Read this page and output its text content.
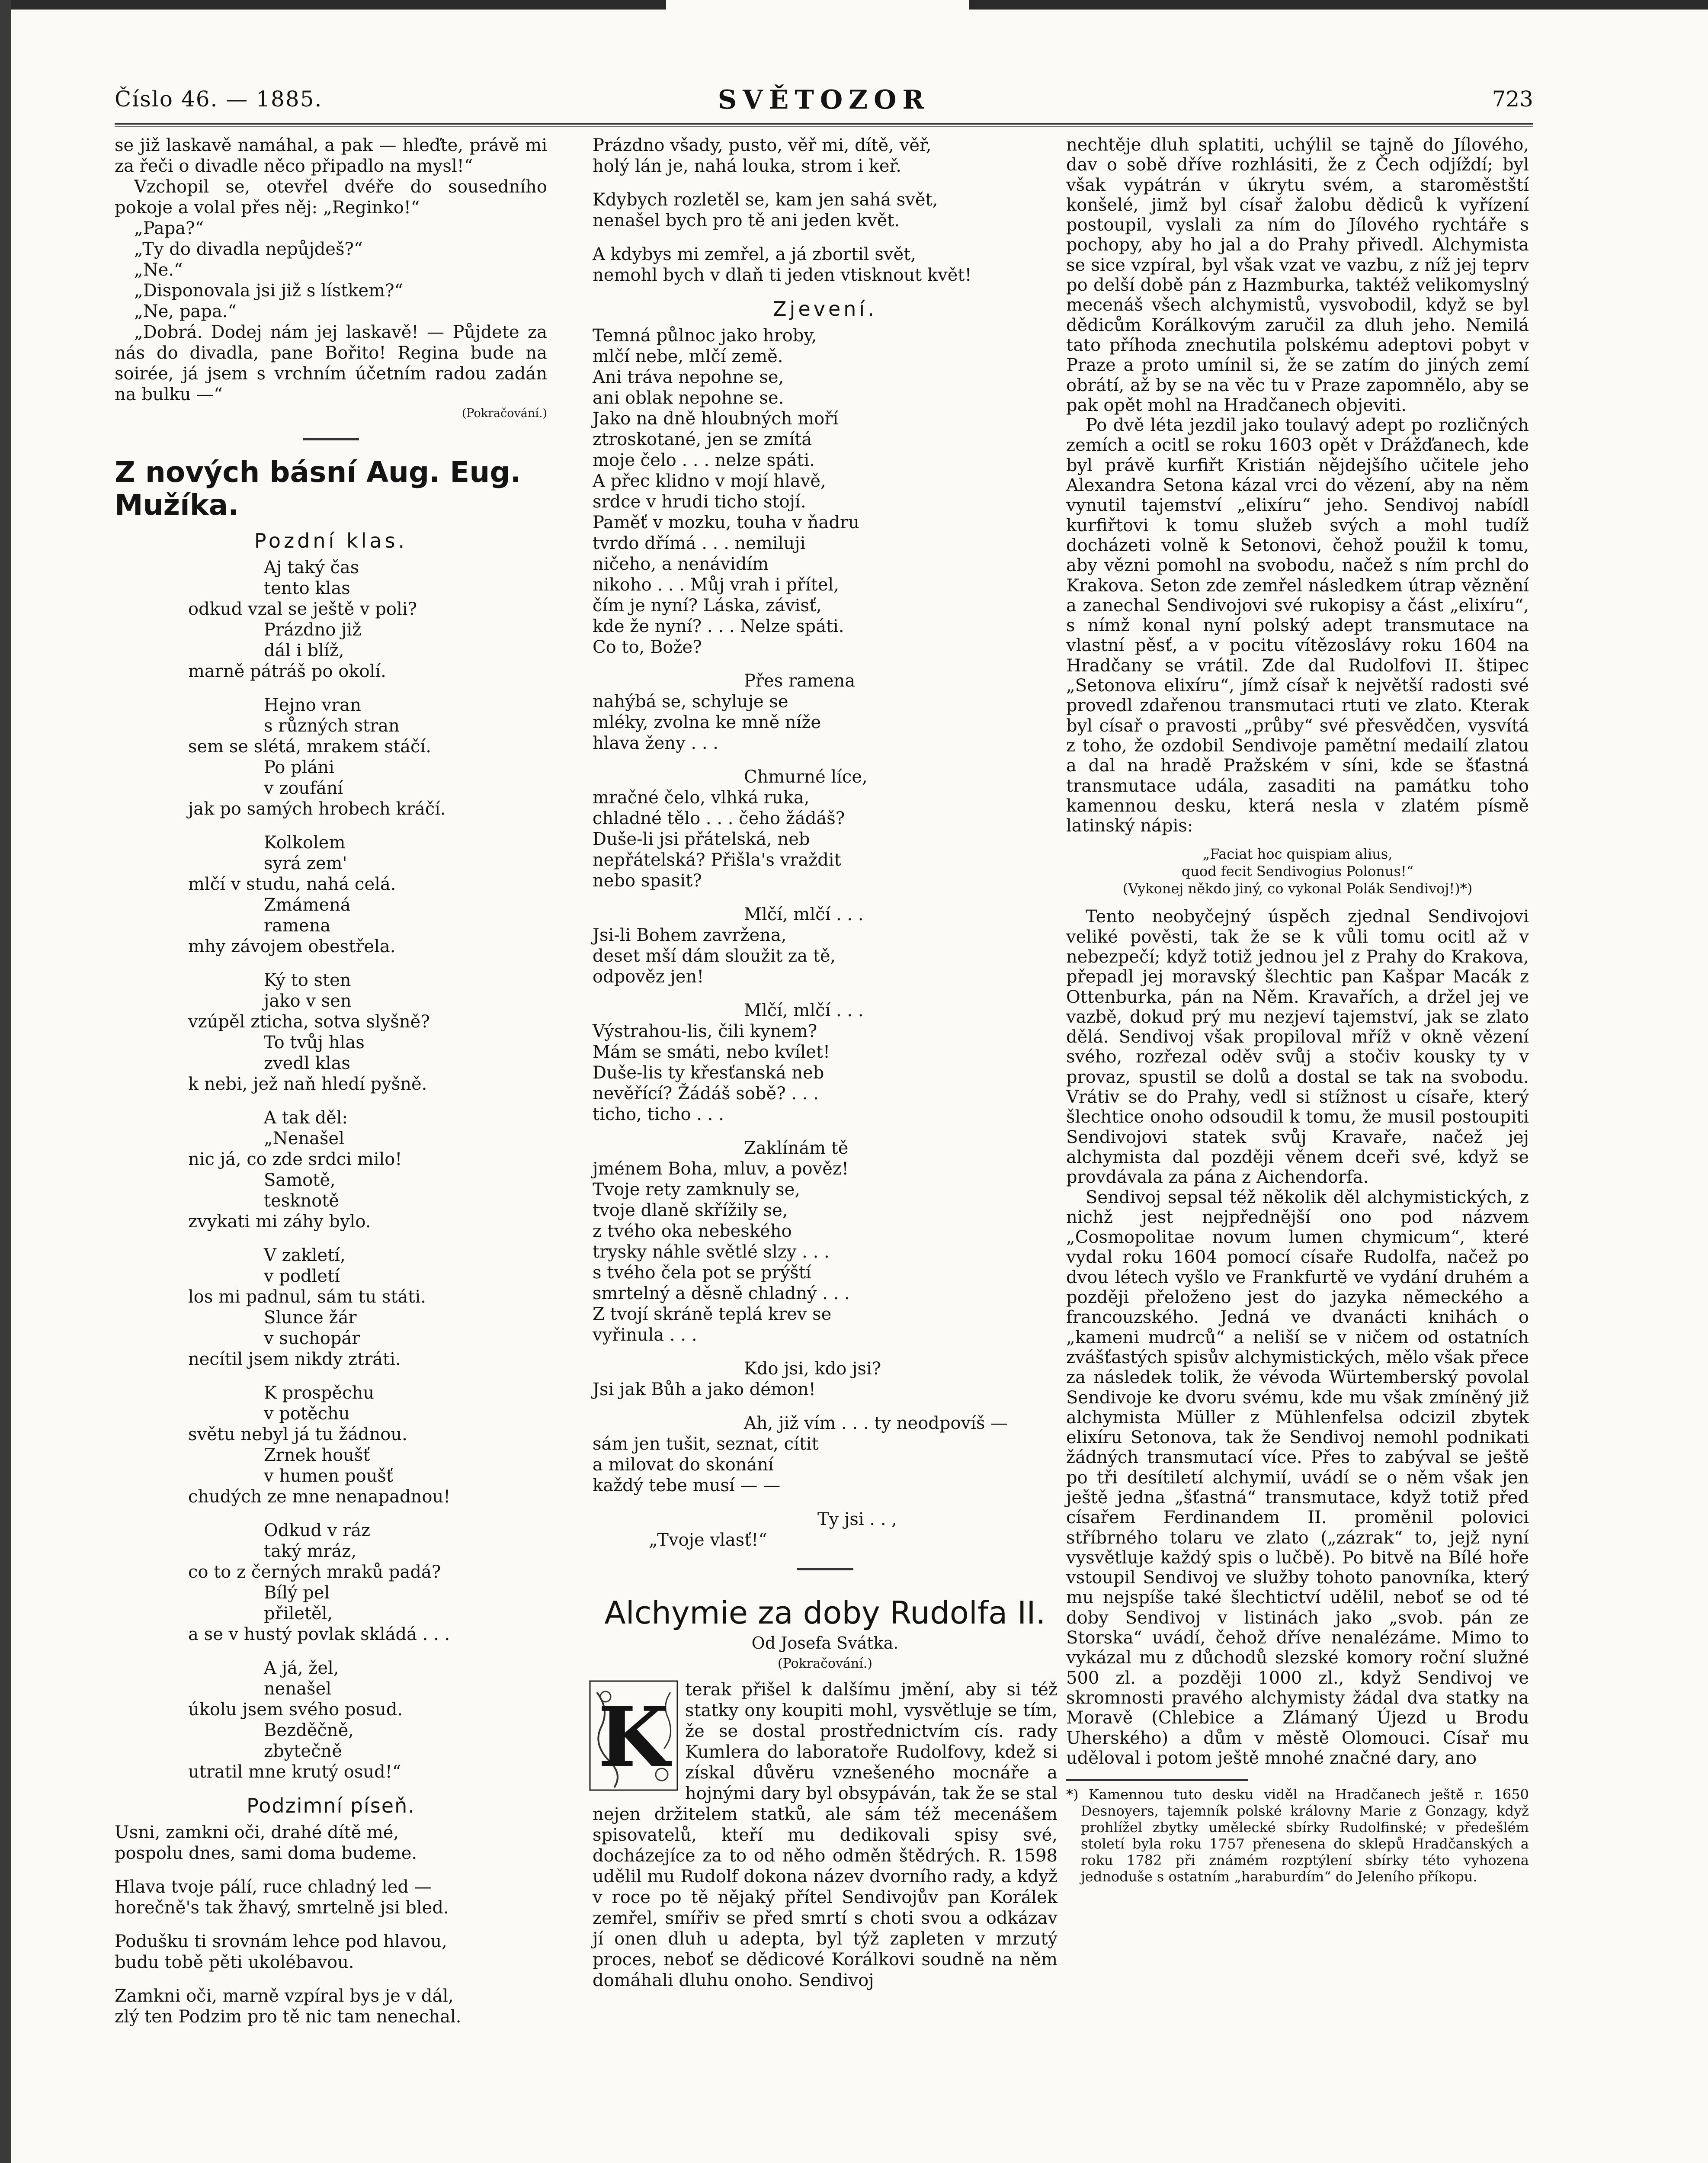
Číslo 46. — 1885.	SVĚTOZOR	723

se již laskavě namáhal, a pak — hleďte, právě mi za řeči o divadle něco připadlo na mysl!“

Vzchopil se, otevřel dvéře do sousedního pokoje a volal přes něj: „Reginko!“

„Papa?“

„Ty do divadla nepůjdeš?“

„Ne.“

„Disponovala jsi již s lístkem?“

„Ne, papa.“

„Dobrá. Dodej nám jej laskavě! — Půjdete za nás do divadla, pane Bořito! Regina bude na soirée, já jsem s vrchním účetním radou zadán na bulku —“

(Pokračování.)

Z nových básní Aug. Eug. Mužíka.
Pozdní klas.
Aj taký čas
tento klas
odkud vzal se ještě v poli?
Prázdno již
dál i blíž,
marně pátráš po okolí.
Hejno vran
s různých stran
sem se slétá, mrakem stáčí.
Po pláni
v zoufání
jak po samých hrobech kráčí.
Kolkolem
syrá zem'
mlčí v studu, nahá celá.
Zmámená
ramena
mhy závojem obestřela.
Ký to sten
jako v sen
vzúpěl zticha, sotva slyšně?
To tvůj hlas
zvedl klas
k nebi, jež naň hledí pyšně.
A tak děl:
„Nenašel
nic já, co zde srdci milo!
Samotě,
tesknotě
zvykati mi záhy bylo.
V zakletí,
v podletí
los mi padnul, sám tu státi.
Slunce žár
v suchopár
necítil jsem nikdy ztráti.
K prospěchu
v potěchu
světu nebyl já tu žádnou.
Zrnek houšť
v humen poušť
chudých ze mne nenapadnou!
Odkud v ráz
taký mráz,
co to z černých mraků padá?
Bílý pel
přiletěl,
a se v hustý povlak skládá . . .
A já, žel,
nenašel
úkolu jsem svého posud.
Bezděčně,
zbytečně
utratil mne krutý osud!“
Podzimní píseň.
Usni, zamkni oči, drahé dítě mé,
pospolu dnes, sami doma budeme.
Hlava tvoje pálí, ruce chladný led —
horečně's tak žhavý, smrtelně jsi bled.
Podušku ti srovnám lehce pod hlavou,
budu tobě pěti ukolébavou.
Zamkni oči, marně vzpíral bys je v dál,
zlý ten Podzim pro tě nic tam nenechal.
Prázdno všady, pusto, věř mi, dítě, věř,
holý lán je, nahá louka, strom i keř.
Kdybych rozletěl se, kam jen sahá svět,
nenašel bych pro tě ani jeden květ.
A kdybys mi zemřel, a já zbortil svět,
nemohl bych v dlaň ti jeden vtisknout květ!
Zjevení.
Temná půlnoc jako hroby,
mlčí nebe, mlčí země.
Ani tráva nepohne se,
ani oblak nepohne se.
Jako na dně hloubných moří
ztroskotané, jen se zmítá
moje čelo . . . nelze spáti.
A přec klidno v mojí hlavě,
srdce v hrudi ticho stojí.
Paměť v mozku, touha v ňadru
tvrdo dřímá . . . nemiluji
ničeho, a nenávidím
nikoho . . . Můj vrah i přítel,
čím je nyní? Láska, závisť,
kde že nyní? . . . Nelze spáti.
Co to, Bože?
Přes ramena
nahýbá se, schyluje se
mléky, zvolna ke mně níže
hlava ženy . . .
Chmurné líce,
mračné čelo, vlhká ruka,
chladné tělo . . . čeho žádáš?
Duše-li jsi přátelská, neb
nepřátelská? Přišla's vraždit
nebo spasit?
Mlčí, mlčí . . .
Jsi-li Bohem zavržena,
deset mší dám sloužit za tě,
odpověz jen!
Mlčí, mlčí . . .
Výstrahou-lis, čili kynem?
Mám se smáti, nebo kvílet!
Duše-lis ty křesťanská neb
nevěřící? Žádáš sobě? . . .
ticho, ticho . . .
Zaklínám tě
jménem Boha, mluv, a pověz!
Tvoje rety zamknuly se,
tvoje dlaně skřížily se,
z tvého oka nebeského
trysky náhle světlé slzy . . .
s tvého čela pot se prýští
smrtelný a děsně chladný . . .
Z tvojí skráně teplá krev se
vyřinula . . .
Kdo jsi, kdo jsi?
Jsi jak Bůh a jako démon!
Ah, již vím . . . ty neodpovíš —
sám jen tušit, seznat, cítit
a milovat do skonání
každý tebe musí — —
Ty jsi . . ,
„Tvoje vlasť!“
Alchymie za doby Rudolfa II.

Od Josefa Svátka.

(Pokračování.)

K terak přišel k dalšímu jmění, aby si též statky ony koupiti mohl, vysvětluje se tím, že se dostal prostřednictvím cís. rady Kumlera do laboratoře Rudolfovy, kdež si získal důvěru vznešeného mocnáře a hojnými dary byl obsypáván, tak že se stal nejen držitelem statků, ale sám též mecenášem spisovatelů, kteří mu dedikovali spisy své, docházejíce za to od něho odměn štědrých. R. 1598 udělil mu Rudolf dokona název dvorního rady, a když v roce po tě nějaký přítel Sendivojův pan Korálek zemřel, smířiv se před smrtí s choti svou a odkázav jí onen dluh u adepta, byl týž zapleten v mrzutý proces, neboť se dědicové Korálkovi soudně na něm domáhali dluhu onoho. Sendivoj

nechtěje dluh splatiti, uchýlil se tajně do Jílového, dav o sobě dříve rozhlásiti, že z Čech odjíždí; byl však vypátrán v úkrytu svém, a staroměstští konšelé, jimž byl císař žalobu dědiců k vyřízení postoupil, vyslali za ním do Jílového rychtáře s pochopy, aby ho jal a do Prahy přivedl. Alchymista se sice vzpíral, byl však vzat ve vazbu, z níž jej teprv po delší době pán z Hazmburka, taktéž velikomyslný mecenáš všech alchymistů, vysvobodil, když se byl dědicům Korálkovým zaručil za dluh jeho. Nemilá tato příhoda znechutila polskému adeptovi pobyt v Praze a proto umínil si, že se zatím do jiných zemí obrátí, až by se na věc tu v Praze zapomnělo, aby se pak opět mohl na Hradčanech objeviti.

Po dvě léta jezdil jako toulavý adept po rozličných zemích a ocitl se roku 1603 opět v Drážďanech, kde byl právě kurfiřt Kristián nějdejšího učitele jeho Alexandra Setona kázal vrci do vězení, aby na něm vynutil tajemství „elixíru“ jeho. Sendivoj nabídl kurfiřtovi k tomu služeb svých a mohl tudíž docházeti volně k Setonovi, čehož použil k tomu, aby vězni pomohl na svobodu, načež s ním prchl do Krakova. Seton zde zemřel následkem útrap věznění a zanechal Sendivojovi své rukopisy a část „elixíru“, s nímž konal nyní polský adept transmutace na vlastní pěsť, a v pocitu vítězoslávy roku 1604 na Hradčany se vrátil. Zde dal Rudolfovi II. štipec „Setonova elixíru“, jímž císař k největší radosti své provedl zdařenou transmutaci rtuti ve zlato. Kterak byl císař o pravosti „průby“ své přesvědčen, vysvítá z toho, že ozdobil Sendivoje pamětní medailí zlatou a dal na hradě Pražském v síni, kde se šťastná transmutace udála, zasaditi na památku toho kamennou desku, která nesla v zlatém písmě latinský nápis:

„Faciat hoc quispiam alius,
quod fecit Sendivogius Polonus!“
(Vykonej někdo jiný, co vykonal Polák Sendivoj!)*)

Tento neobyčejný úspěch zjednal Sendivojovi veliké pověsti, tak že se k vůli tomu ocitl až v nebezpečí; když totiž jednou jel z Prahy do Krakova, přepadl jej moravský šlechtic pan Kašpar Macák z Ottenburka, pán na Něm. Kravařích, a držel jej ve vazbě, dokud prý mu nezjeví tajemství, jak se zlato dělá. Sendivoj však propiloval mříž v okně vězení svého, rozřezal oděv svůj a stočiv kousky ty v provaz, spustil se dolů a dostal se tak na svobodu. Vrátiv se do Prahy, vedl si stížnost u císaře, který šlechtice onoho odsoudil k tomu, že musil postoupiti Sendivojovi statek svůj Kravaře, načež jej alchymista dal později věnem dceři své, když se provdávala za pána z Aichendorfa.

Sendivoj sepsal též několik děl alchymistických, z nichž jest nejpřednější ono pod názvem „Cosmopolitae novum lumen chymicum“, které vydal roku 1604 pomocí císaře Rudolfa, načež po dvou létech vyšlo ve Frankfurtě ve vydání druhém a později přeloženo jest do jazyka německého a francouzského. Jedná ve dvanácti knihách o „kameni mudrců“ a neliší se v ničem od ostatních zvášťastých spisův alchymistických, mělo však přece za následek tolik, že vévoda Würtemberský povolal Sendivoje ke dvoru svému, kde mu však zmíněný již alchymista Müller z Mühlenfelsa odcizil zbytek elixíru Setonova, tak že Sendivoj nemohl podnikati žádných transmutací více. Přes to zabýval se ještě po tři desítiletí alchymií, uvádí se o něm však jen ještě jedna „šťastná“ transmutace, když totiž před císařem Ferdinandem II. proměnil polovici stříbrného tolaru ve zlato („zázrak“ to, jejž nyní vysvětluje každý spis o lučbě). Po bitvě na Bílé hoře vstoupil Sendivoj ve služby tohoto panovníka, který mu nejspíše také šlechtictví udělil, neboť se od té doby Sendivoj v listinách jako „svob. pán ze Storska“ uvádí, čehož dříve nenalézáme. Mimo to vykázal mu z důchodů slezské komory roční služné 500 zl. a později 1000 zl., když Sendivoj ve skromnosti pravého alchymisty žádal dva statky na Moravě (Chlebice a Zlámaný Újezd u Brodu Uherského) a dům v městě Olomouci. Císař mu uděloval i potom ještě mnohé značné dary, ano

*) Kamennou tuto desku viděl na Hradčanech ještě r. 1650 Desnoyers, tajemník polské královny Marie z Gonzagy, když prohlížel zbytky umělecké sbírky Rudolfinské; v předešlém století byla roku 1757 přenesena do sklepů Hradčanských a roku 1782 při známém rozptýlení sbírky této vyhozena jednoduše s ostatním „haraburdím“ do Jeleního příkopu.
